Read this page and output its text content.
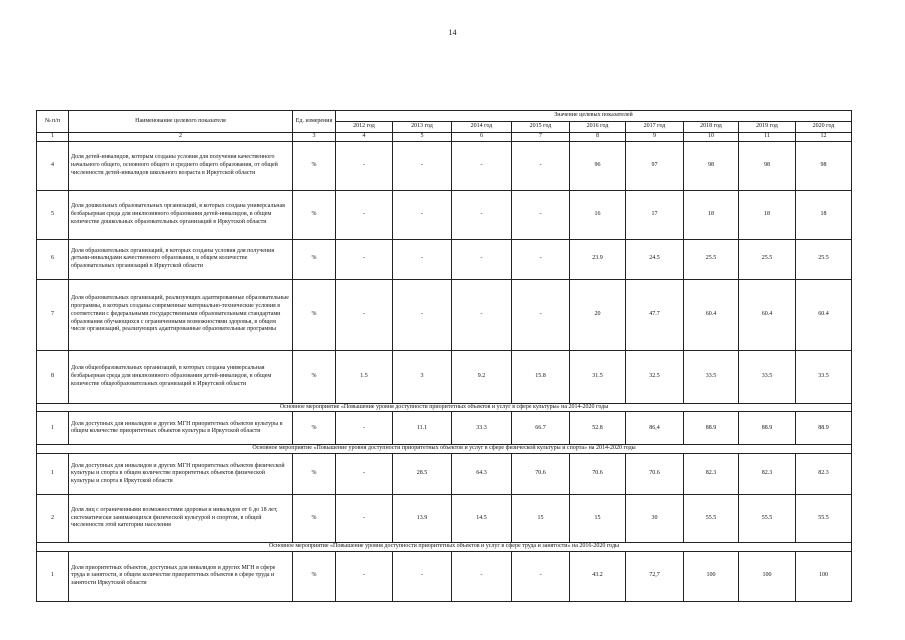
14
№ п/п	Наименование целевого показателя	Ед. измерения	Значение целевых показателей								
			2012 год	2013 год	2014 год	2015 год	2016 год	2017 год	2018 год	2019 год	2020 год
1	2	3	4	5	6	7	8	9	10	11	12
4	Доля детей-инвалидов, которым созданы условия для получения качественного начального общего, основного общего и среднего общего образования, от общей численности детей-инвалидов школьного возраста в Иркутской области	%	-	-	-	-	96	97	98	98	98
5	Доля дошкольных образовательных организаций, в которых создана универсальная безбарьерная среда для инклюзивного образования детей-инвалидов, в общем количестве дошкольных образовательных организаций в Иркутской области	%	-	-	-	-	16	17	18	18	18
6	Доля образовательных организаций, в которых созданы условия для получения детьми-инвалидами качественного образования, в общем количестве образовательных организаций в Иркутской области	%	-	-	-	-	23.9	24.5	25.5	25.5	25.5
7	Доля образовательных организаций, реализующих адаптированные образовательные программы, в которых созданы современные материально-технические условия в соответствии с федеральными государственными образовательными стандартами образования обучающихся с ограниченными возможностями здоровья, в общем числе организаций, реализующих адаптированные образовательные программы	%	-	-	-	-	20	47.7	60.4	60.4	60.4
8	Доля общеобразовательных организаций, в которых создана универсальная безбарьерная среда для инклюзивного образования детей-инвалидов, в общем количестве общеобразовательных организаций в Иркутской области	%	1.5	3	9.2	15.8	31.5	32.5	33.5	33.5	33.5
Основное мероприятие «Повышение уровня доступности приоритетных объектов и услуг в сфере культуры» на 2014-2020 годы											
1	Доля доступных для инвалидов и других МГН приоритетных объектов культуры в общем количестве приоритетных объектов культуры в Иркутской области	%	-	11.1	33.3	66.7	52.8	86,4	88.9	88.9	88.9
Основное мероприятие «Повышение уровня доступности приоритетных объектов и услуг в сфере физической культуры и спорта» на 2014-2020 годы											
1	Доля доступных для инвалидов и других МГН приоритетных объектов физической культуры и спорта в общем количестве приоритетных объектов физической культуры и спорта в Иркутской области	%	-	28.5	64.3	70.6	70.6	70.6	82.3	82.3	82.3
2	Доля лиц с ограниченными возможностями здоровья и инвалидов от 6 до 18 лет, систематически занимающихся физической культурой и спортом, в общей численности этой категории населения	%	-	13.9	14.5	15	15	30	55.5	55.5	55.5
Основное мероприятие «Повышение уровня доступности приоритетных объектов и услуг в сфере труда и занятости» на 2016-2020 годы											
1	Доля приоритетных объектов, доступных для инвалидов и других МГН в сфере труда и занятости, в общем количестве приоритетных объектов в сфере труда и занятости Иркутской области	%	-	-	-	-	43.2	72,7	100	100	100
